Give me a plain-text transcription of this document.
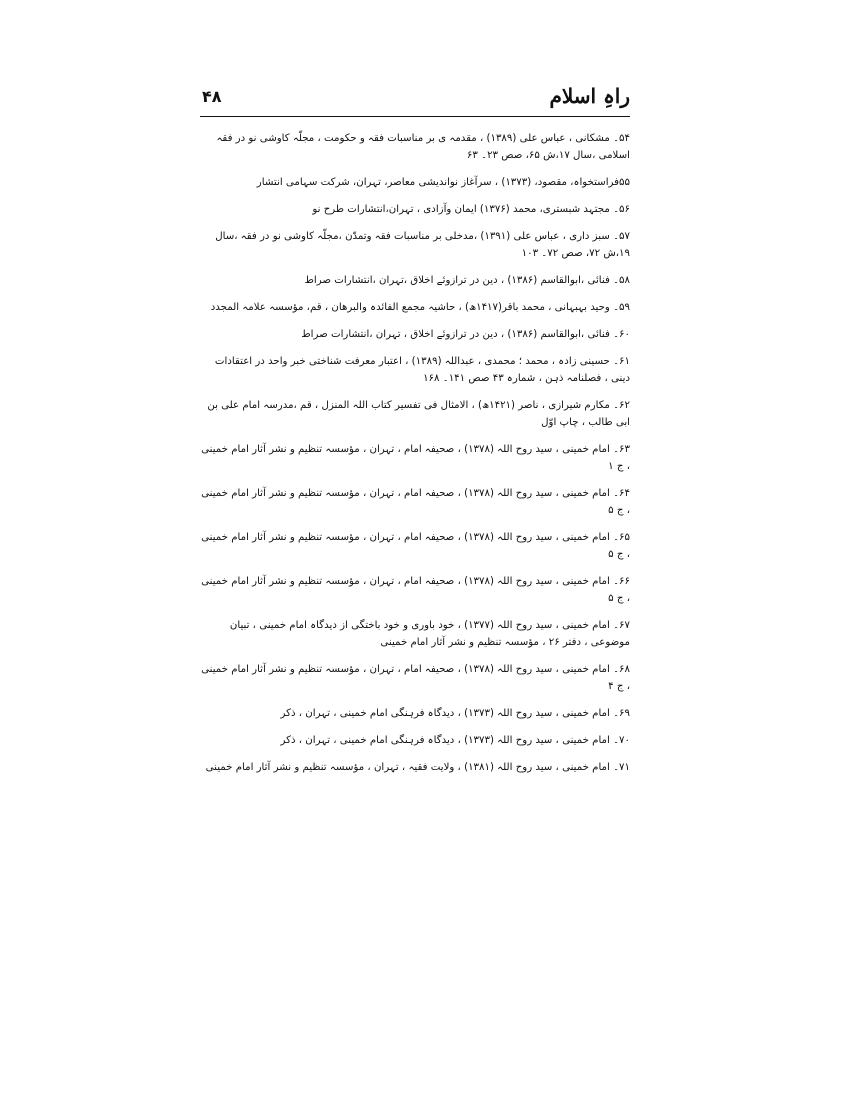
راہِ اسلام
۴۸

۵۴۔ مشکانی ، عباس علی (۱۳۸۹) ، مقدمہ ی بر مناسبات فقہ و حکومت ، مجلّہ کاوشی نو در فقہ اسلامی ،سال ۱۷،ش ۶۵، صص ۲۳۔ ۶۳

۵۵فراستخواہ، مقصود، (۱۳۷۳) ، سرآغاز نواندیشی معاصر، تہران، شرکت سہامی انتشار

۵۶۔ مجتہد شبستری، محمد (۱۳۷۶) ایمان وآزادی ، تہران،انتشارات طرح نو

۵۷۔ سبز داری ، عباس علی (۱۳۹۱) ،مدخلی بر مناسبات فقہ وتمدّن ،مجلّہ کاوشی نو در فقہ ،سال ۱۹،ش ۷۲، صص ۷۲۔ ۱۰۳

۵۸۔ فنائی ،ابوالقاسم (۱۳۸۶) ، دین در ترازوئے اخلاق ،تہران ،انتشارات صراط

۵۹۔ وحید بہبہانی ، محمد باقر(۱۴۱۷ھ) ، حاشیہ مجمع الفائدہ والبرھان ، قم، مؤسسہ علامہ المجدد

۶۰۔ فنائی ،ابوالقاسم (۱۳۸۶) ، دین در ترازوئے اخلاق ، تہران ،انتشارات صراط

۶۱۔ حسینی زادہ ، محمد ؛ محمدی ، عبداللہ (۱۳۸۹) ، اعتبار معرفت شناختی خبر واحد در اعتقادات دینی ، فصلنامہ ذہن ، شمارہ ۴۳ صص ۱۴۱۔ ۱۶۸

۶۲۔ مکارم شیرازی ، ناصر (۱۴۲۱ھ) ، الامثال فی تفسیر کتاب اللہ المنزل ، قم ،مدرسہ امام علی بن ابی طالب ، چاپ اوّل

۶۳۔ امام خمینی ، سید روح اللہ (۱۳۷۸) ، صحیفہ امام ، تہران ، مؤسسہ تنظیم و نشر آثار امام خمینی ، ج ۱

۶۴۔ امام خمینی ، سید روح اللہ (۱۳۷۸) ، صحیفہ امام ، تہران ، مؤسسہ تنظیم و نشر آثار امام خمینی ، ج ۵

۶۵۔ امام خمینی ، سید روح اللہ (۱۳۷۸) ، صحیفہ امام ، تہران ، مؤسسہ تنظیم و نشر آثار امام خمینی ، ج ۵

۶۶۔ امام خمینی ، سید روح اللہ (۱۳۷۸) ، صحیفہ امام ، تہران ، مؤسسہ تنظیم و نشر آثار امام خمینی ، ج ۵

۶۷۔ امام خمینی ، سید روح اللہ (۱۳۷۷) ، خود باوری و خود باختگی از دیدگاہ امام خمینی ، تبیان موضوعی ، دفتر ۲۶ ، مؤسسہ تنظیم و نشر آثار امام خمینی

۶۸۔ امام خمینی ، سید روح اللہ (۱۳۷۸) ، صحیفہ امام ، تہران ، مؤسسہ تنظیم و نشر آثار امام خمینی ، ج ۴

۶۹۔ امام خمینی ، سید روح اللہ (۱۳۷۳) ، دیدگاہ فرہنگی امام خمینی ، تہران ، ذکر

۷۰۔ امام خمینی ، سید روح اللہ (۱۳۷۳) ، دیدگاہ فرہنگی امام خمینی ، تہران ، ذکر

۷۱۔ امام خمینی ، سید روح اللہ (۱۳۸۱) ، ولایت فقیہ ، تہران ، مؤسسہ تنظیم و نشر آثار امام خمینی
